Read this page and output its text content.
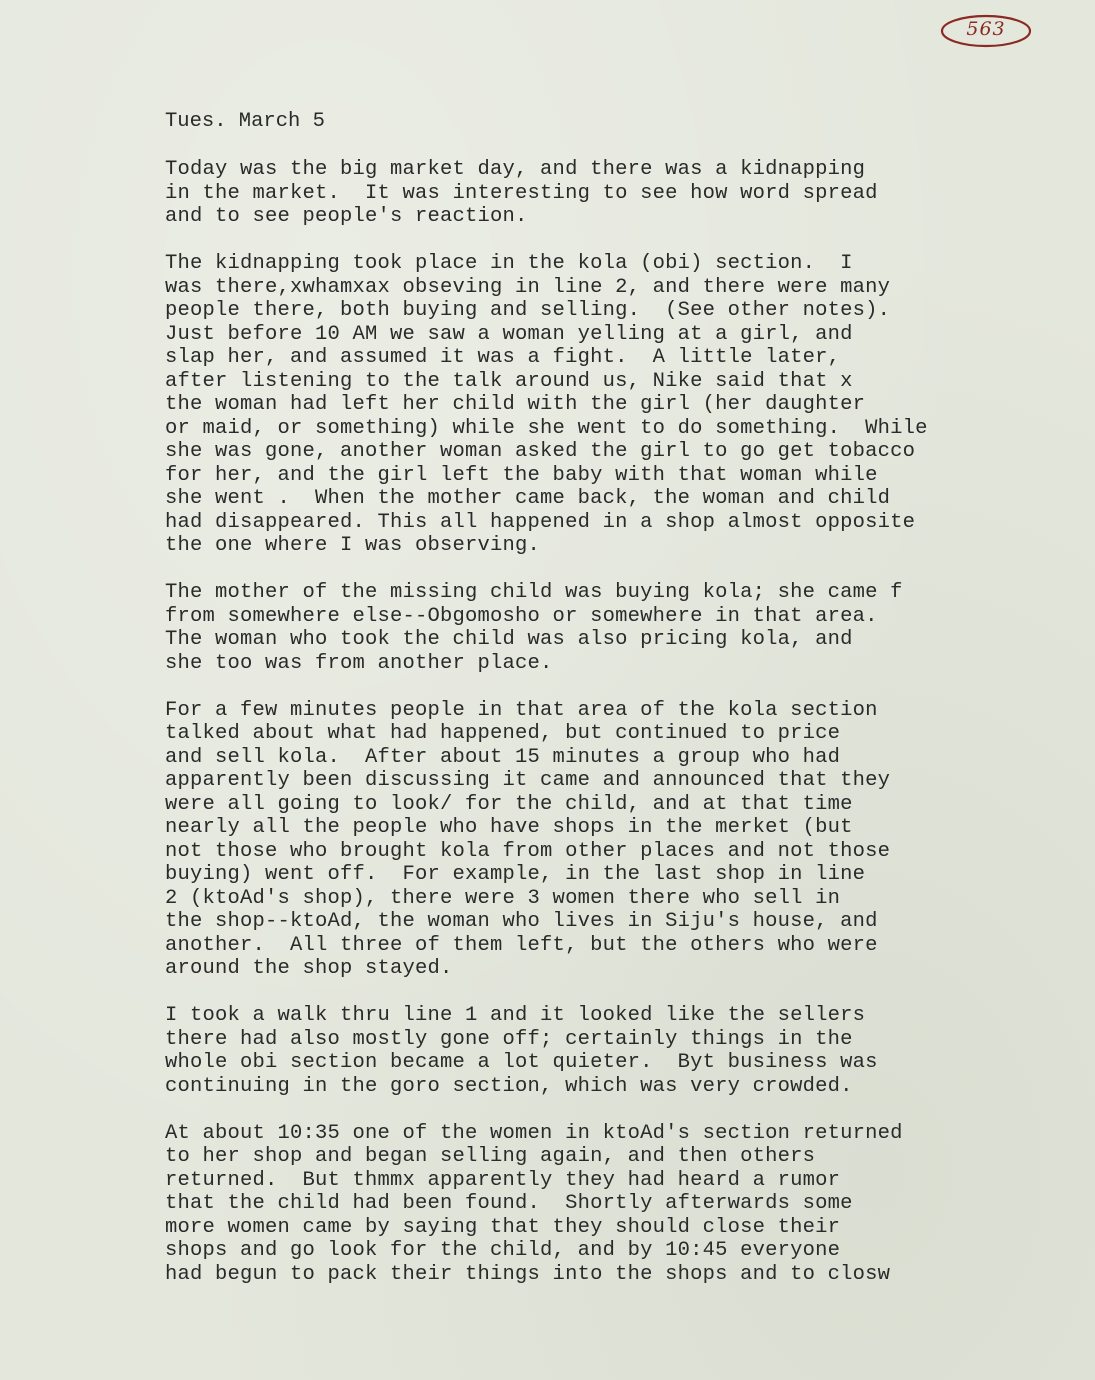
563
Tues. March 5
Today was the big market day, and there was a kidnapping
in the market.  It was interesting to see how word spread
and to see people's reaction.
The kidnapping took place in the kola (obi) section.  I
was there,xwhamxax obseving in line 2, and there were many
people there, both buying and selling.  (See other notes).
Just before 10 AM we saw a woman yelling at a girl, and
slap her, and assumed it was a fight.  A little later,
after listening to the talk around us, Nike said that x
the woman had left her child with the girl (her daughter
or maid, or something) while she went to do something.  While
she was gone, another woman asked the girl to go get tobacco
for her, and the girl left the baby with that woman while
she went .  When the mother came back, the woman and child
had disappeared. This all happened in a shop almost opposite
the one where I was observing.
The mother of the missing child was buying kola; she came f
from somewhere else--Obgomosho or somewhere in that area.
The woman who took the child was also pricing kola, and
she too was from another place.
For a few minutes people in that area of the kola section
talked about what had happened, but continued to price
and sell kola.  After about 15 minutes a group who had
apparently been discussing it came and announced that they
were all going to look/ for the child, and at that time
nearly all the people who have shops in the merket (but
not those who brought kola from other places and not those
buying) went off.  For example, in the last shop in line
2 (ktoAd's shop), there were 3 women there who sell in
the shop--ktoAd, the woman who lives in Siju's house, and
another.  All three of them left, but the others who were
around the shop stayed.
I took a walk thru line 1 and it looked like the sellers
there had also mostly gone off; certainly things in the
whole obi section became a lot quieter.  Byt business was
continuing in the goro section, which was very crowded.
At about 10:35 one of the women in ktoAd's section returned
to her shop and began selling again, and then others
returned.  But thmmx apparently they had heard a rumor
that the child had been found.  Shortly afterwards some
more women came by saying that they should close their
shops and go look for the child, and by 10:45 everyone
had begun to pack their things into the shops and to closw
